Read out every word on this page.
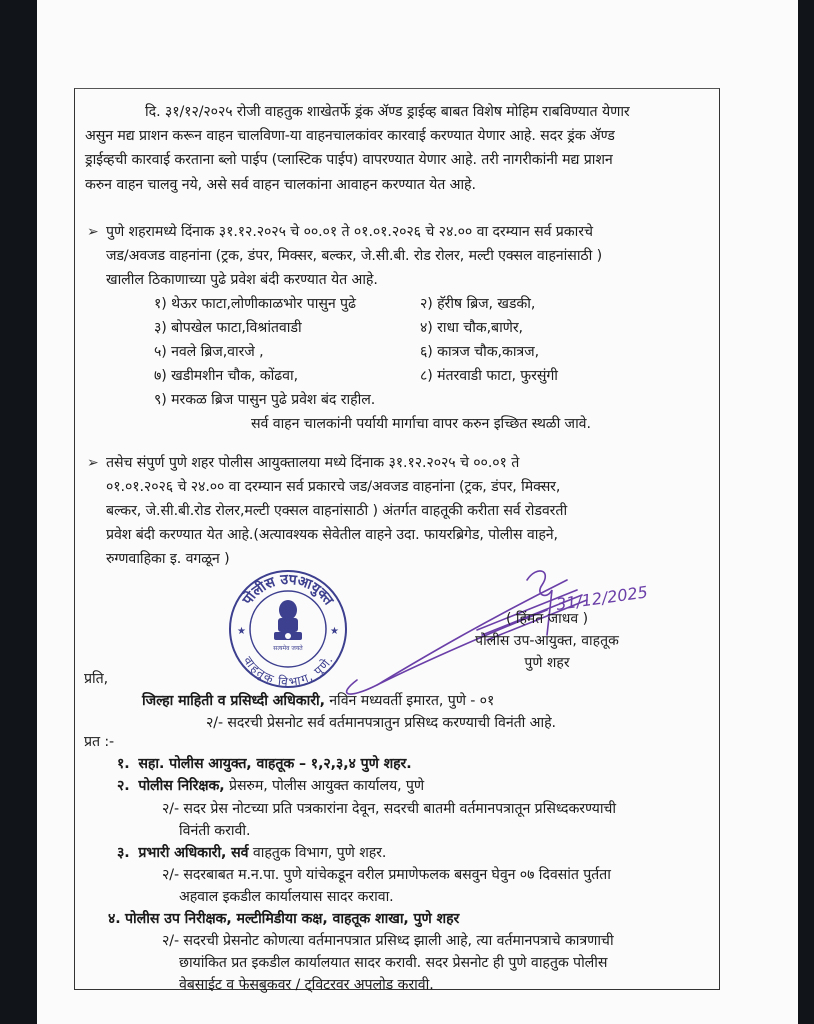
दि. ३१/१२/२०२५ रोजी वाहतुक शाखेतर्फे ड्रंक ॲण्ड ड्राईव्ह बाबत विशेष मोहिम राबविण्यात येणार
असुन मद्य प्राशन करून वाहन चालविणा-या वाहनचालकांवर कारवाई करण्यात येणार आहे. सदर ड्रंक ॲण्ड
ड्राईव्हची कारवाई करताना ब्लो पाईप (प्लास्टिक पाईप) वापरण्यात येणार आहे. तरी नागरीकांनी मद्य प्राशन
करुन वाहन चालवु नये, असे सर्व वाहन चालकांना आवाहन करण्यात येत आहे.
➢ पुणे शहरामध्ये दिंनाक ३१.१२.२०२५ चे ००.०१ ते ०१.०१.२०२६ चे २४.०० वा दरम्यान सर्व प्रकारचे
जड/अवजड वाहनांना (ट्रक, डंपर, मिक्सर, बल्कर, जे.सी.बी. रोड रोलर, मल्टी एक्सल वाहनांसाठी )
खालील ठिकाणाच्या पुढे प्रवेश बंदी करण्यात येत आहे.
१) थेऊर फाटा,लोणीकाळभोर पासुन पुढे	२) हॅरीष ब्रिज, खडकी,
३) बोपखेल फाटा,विश्रांतवाडी	४) राधा चौक,बाणेर,
५) नवले ब्रिज,वारजे ,	६) कात्रज चौक,कात्रज,
७) खडीमशीन चौक, कोंढवा,	८) मंतरवाडी फाटा, फुरसुंगी
९) मरकळ ब्रिज पासुन पुढे प्रवेश बंद राहील.
सर्व वाहन चालकांनी पर्यायी मार्गाचा वापर करुन इच्छित स्थळी जावे.
➢ तसेच संपुर्ण पुणे शहर पोलीस आयुक्तालया मध्ये दिंनाक ३१.१२.२०२५ चे ००.०१ ते
०१.०१.२०२६ चे २४.०० वा दरम्यान सर्व प्रकारचे जड/अवजड वाहनांना (ट्रक, डंपर, मिक्सर,
बल्कर, जे.सी.बी.रोड रोलर,मल्टी एक्सल वाहनांसाठी ) अंतर्गत वाहतूकी करीता सर्व रोडवरती
प्रवेश बंदी करण्यात येत आहे.(अत्यावश्यक सेवेतील वाहने उदा. फायरब्रिगेड, पोलीस वाहने,
रुग्णवाहिका इ. वगळून )
पोलीस उपआयुक्त
वाहतुक विभाग, पुणे.
★	★
सत्यमेव जयते
31/12/2025
( हिंमत जाधव )
पोलीस उप-आयुक्त, वाहतूक
पुणे शहर
प्रति,
जिल्हा माहिती व प्रसिध्दी अधिकारी, नविन मध्यवर्ती इमारत, पुणे - ०१
२/- सदरची प्रेसनोट सर्व वर्तमानपत्रातुन प्रसिध्द करण्याची विनंती आहे.
प्रत :-
१. सहा. पोलीस आयुक्त, वाहतूक – १,२,३,४ पुणे शहर.
२. पोलीस निरिक्षक, प्रेसरुम, पोलीस आयुक्त कार्यालय, पुणे
२/- सदर प्रेस नोटच्या प्रति पत्रकारांना देवून, सदरची बातमी वर्तमानपत्रातून प्रसिध्दकरण्याची
विनंती करावी.
३. प्रभारी अधिकारी, सर्व वाहतुक विभाग, पुणे शहर.
२/- सदरबाबत म.न.पा. पुणे यांचेकडून वरील प्रमाणेफलक बसवुन घेवुन ०७ दिवसांत पुर्तता
अहवाल इकडील कार्यालयास सादर करावा.
४. पोलीस उप निरीक्षक, मल्टीमिडीया कक्ष, वाहतूक शाखा, पुणे शहर
२/- सदरची प्रेसनोट कोणत्या वर्तमानपत्रात प्रसिध्द झाली आहे, त्या वर्तमानपत्राचे कात्रणाची
छायांकित प्रत इकडील कार्यालयात सादर करावी. सदर प्रेसनोट ही पुणे वाहतुक पोलीस
वेबसाईट व फेसबुकवर / ट्विटरवर अपलोड करावी.
